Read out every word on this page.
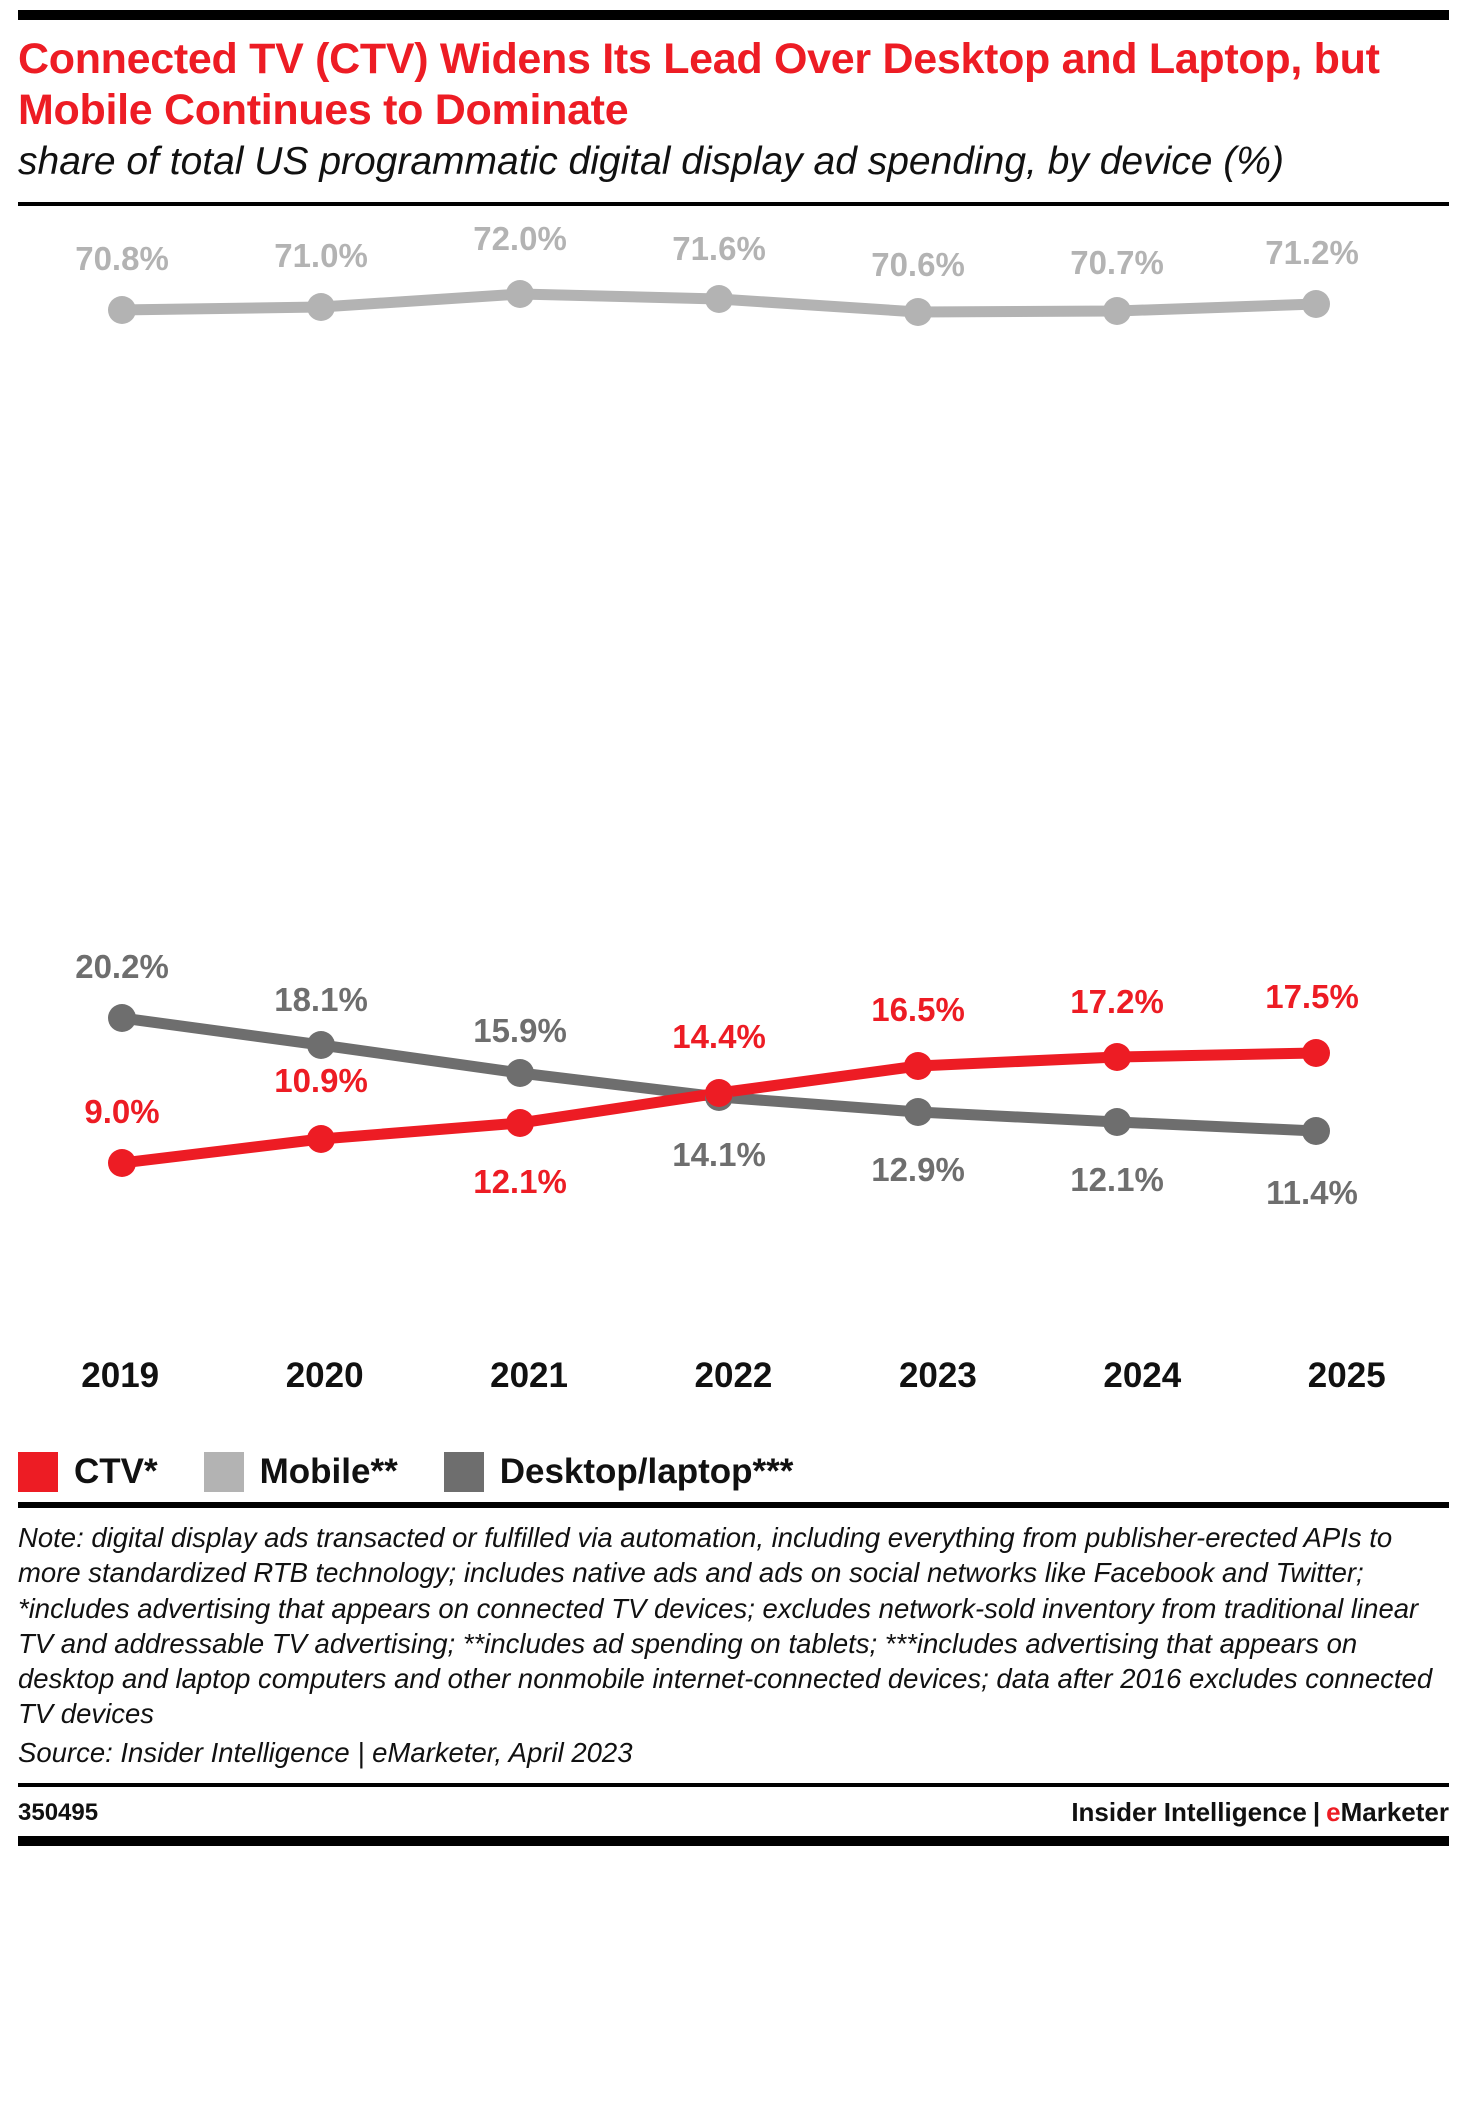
Connected TV (CTV) Widens Its Lead Over Desktop and Laptop, but Mobile Continues to Dominate
share of total US programmatic digital display ad spending, by device (%)
70.8%	71.0%	72.0%	71.6%	70.6%	70.7%	71.2%
20.2%
18.1%
15.9%
14.1%	12.9%	12.1%	11.4%
9.0%
10.9%
12.1%
14.4%
16.5%	17.2%	17.5%
2019	2020	2021	2022	2023	2024	2025
CTV*	Mobile**	Desktop/laptop***
Note: digital display ads transacted or fulfilled via automation, including everything from publisher-erected APIs to more standardized RTB technology; includes native ads and ads on social networks like Facebook and Twitter; *includes advertising that appears on connected TV devices; excludes network-sold inventory from traditional linear TV and addressable TV advertising; **includes ad spending on tablets; ***includes advertising that appears on desktop and laptop computers and other nonmobile internet-connected devices; data after 2016 excludes connected TV devices
Source: Insider Intelligence | eMarketer, April 2023
350495	Insider Intelligence | eMarketer
